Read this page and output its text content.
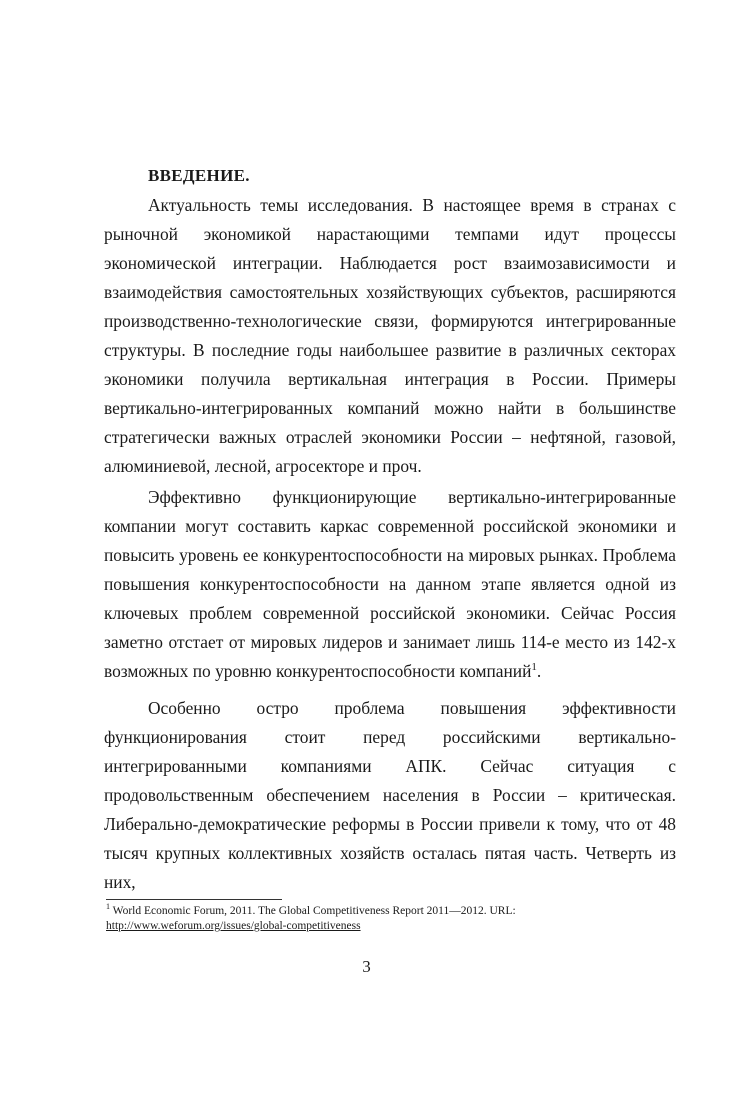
ВВЕДЕНИЕ.

Актуальность темы исследования. В настоящее время в странах с рыночной экономикой нарастающими темпами идут процессы экономической интеграции. Наблюдается рост взаимозависимости и взаимодействия самостоятельных хозяйствующих субъектов, расширяются производственно-технологические связи, формируются интегрированные структуры. В последние годы наибольшее развитие в различных секторах экономики получила вертикальная интеграция в России. Примеры вертикально-интегрированных компаний можно найти в большинстве стратегически важных отраслей экономики России – нефтяной, газовой, алюминиевой, лесной, агросекторе и проч.

Эффективно функционирующие вертикально-интегрированные компании могут составить каркас современной российской экономики и повысить уровень ее конкурентоспособности на мировых рынках. Проблема повышения конкурентоспособности на данном этапе является одной из ключевых проблем современной российской экономики. Сейчас Россия заметно отстает от мировых лидеров и занимает лишь 114-е место из 142-х возможных по уровню конкурентоспособности компаний$^1$.

Особенно остро проблема повышения эффективности функционирования стоит перед российскими вертикально-интегрированными компаниями АПК. Сейчас ситуация с продовольственным обеспечением населения в России – критическая. Либерально-демократические реформы в России привели к тому, что от 48 тысяч крупных коллективных хозяйств осталась пятая часть. Четверть из них,

$^1$ World Economic Forum, 2011. The Global Competitiveness Report 2011—2012. URL:
http://www.weforum.org/issues/global-competitiveness

3
